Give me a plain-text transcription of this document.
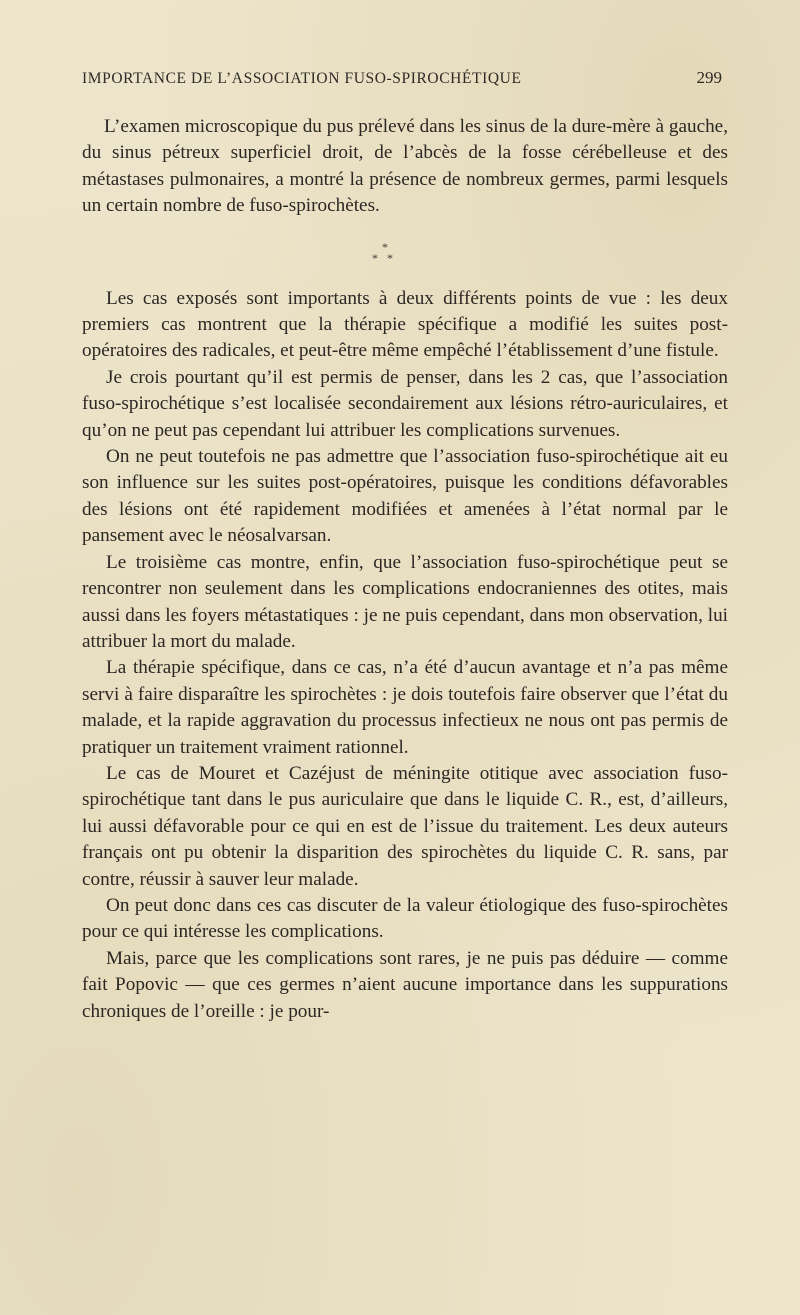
IMPORTANCE DE L’ASSOCIATION FUSO-SPIROCHÉTIQUE	299

L’examen microscopique du pus prélevé dans les sinus de la dure-mère à gauche, du sinus pétreux superficiel droit, de l’abcès de la fosse cérébelleuse et des métastases pulmonaires, a montré la présence de nombreux germes, parmi lesquels un certain nombre de fuso-spirochètes.

*
* *

Les cas exposés sont importants à deux différents points de vue : les deux premiers cas montrent que la thérapie spécifique a modifié les suites post-opératoires des radicales, et peut-être même empêché l’établissement d’une fistule.

Je crois pourtant qu’il est permis de penser, dans les 2 cas, que l’association fuso-spirochétique s’est localisée secondairement aux lésions rétro-auriculaires, et qu’on ne peut pas cependant lui attribuer les complications survenues.

On ne peut toutefois ne pas admettre que l’association fuso-spirochétique ait eu son influence sur les suites post-opératoires, puisque les conditions défavorables des lésions ont été rapidement modifiées et amenées à l’état normal par le pansement avec le néosalvarsan.

Le troisième cas montre, enfin, que l’association fuso-spirochétique peut se rencontrer non seulement dans les complications endocraniennes des otites, mais aussi dans les foyers métastatiques : je ne puis cependant, dans mon observation, lui attribuer la mort du malade.

La thérapie spécifique, dans ce cas, n’a été d’aucun avantage et n’a pas même servi à faire disparaître les spirochètes : je dois toutefois faire observer que l’état du malade, et la rapide aggravation du processus infectieux ne nous ont pas permis de pratiquer un traitement vraiment rationnel.

Le cas de Mouret et Cazéjust de méningite otitique avec association fuso-spirochétique tant dans le pus auriculaire que dans le liquide C. R., est, d’ailleurs, lui aussi défavorable pour ce qui en est de l’issue du traitement. Les deux auteurs français ont pu obtenir la disparition des spirochètes du liquide C. R. sans, par contre, réussir à sauver leur malade.

On peut donc dans ces cas discuter de la valeur étiologique des fuso-spirochètes pour ce qui intéresse les complications.

Mais, parce que les complications sont rares, je ne puis pas déduire — comme fait Popovic — que ces germes n’aient aucune importance dans les suppurations chroniques de l’oreille : je pour-
